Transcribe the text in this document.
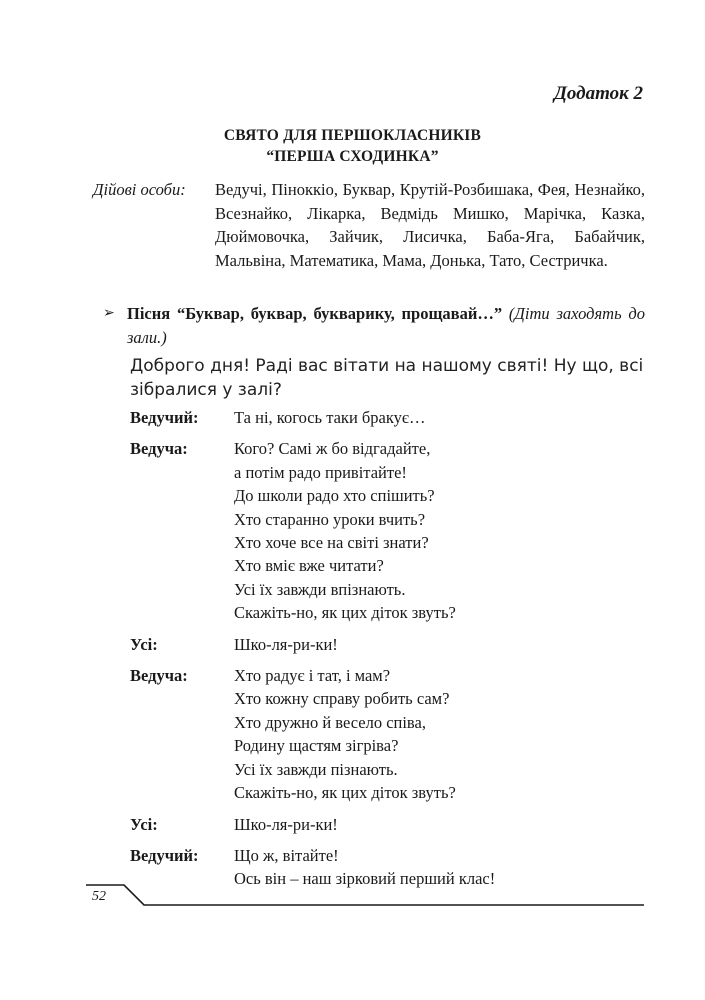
Додаток 2
СВЯТО ДЛЯ ПЕРШОКЛАСНИКІВ
“ПЕРША СХОДИНКА”
Дійові особи:	Ведучі, Піноккіо, Буквар, Крутій-Розбишака, Фея, Незнайко, Всезнайко, Лікарка, Ведмідь Мишко, Марічка, Казка, Дюймовочка, Зайчик, Лисичка, Баба-Яга, Бабайчик, Мальвіна, Математика, Мама, Донька, Тато, Сестричка.
➢ Пісня “Буквар, буквар, букварику, прощавай…” (Діти заходять до зали.)
Доброго дня! Раді вас вітати на нашому святі! Ну що, всі зібралися у залі?
Ведучий: Та ні, когось таки бракує…
Ведуча:	Кого? Самі ж бо відгадайте,
а потім радо привітайте!
До школи радо хто спішить?
Хто старанно уроки вчить?
Хто хоче все на світі знати?
Хто вміє вже читати?
Усі їх завжди впізнають.
Скажіть-но, як цих діток звуть?
Усі:	Шко-ля-ри-ки!
Ведуча:	Хто радує і тат, і мам?
Хто кожну справу робить сам?
Хто дружно й весело співа,
Родину щастям зігріва?
Усі їх завжди пізнають.
Скажіть-но, як цих діток звуть?
Усі:	Шко-ля-ри-ки!
Ведучий: Що ж, вітайте!
Ось він – наш зірковий перший клас!
52
